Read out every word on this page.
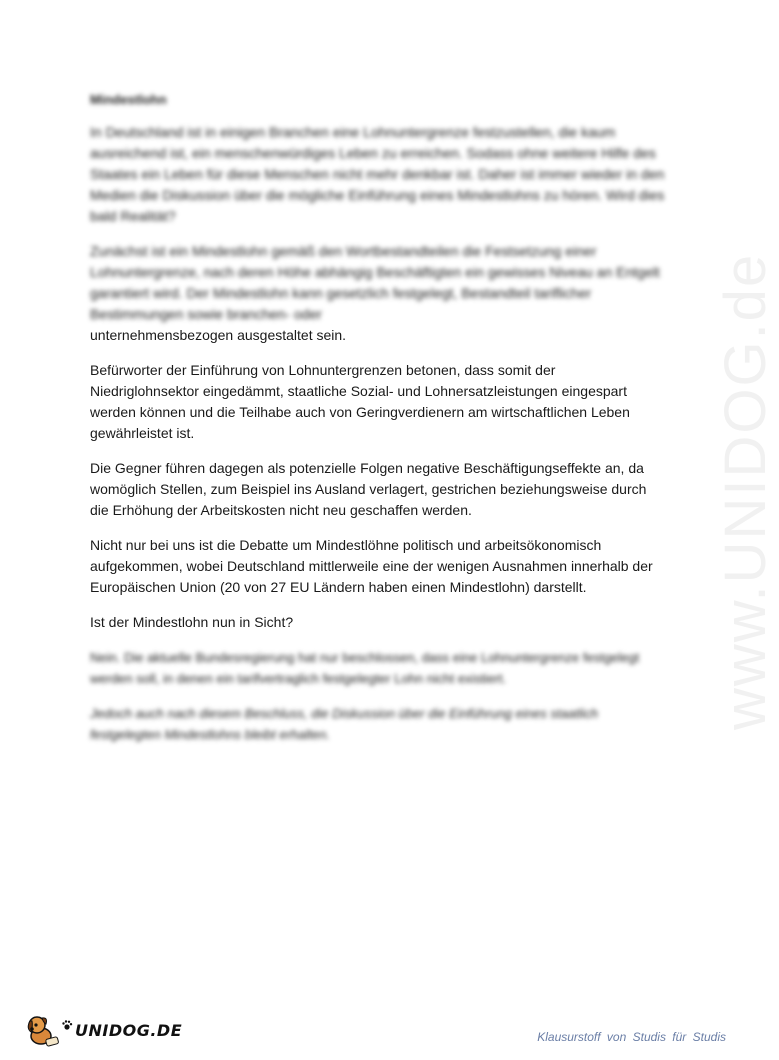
www.UNIDOG.de
Mindestlohn

In Deutschland ist in einigen Branchen eine Lohnuntergrenze festzustellen, die kaum ausreichend ist, ein menschenwürdiges Leben zu erreichen. Sodass ohne weitere Hilfe des Staates ein Leben für diese Menschen nicht mehr denkbar ist. Daher ist immer wieder in den Medien die Diskussion über die mögliche Einführung eines Mindestlohns zu hören. Wird dies bald Realität?

Zunächst ist ein Mindestlohn gemäß den Wortbestandteilen die Festsetzung einer Lohnuntergrenze, nach deren Höhe abhängig Beschäftigten ein gewisses Niveau an Entgelt garantiert wird. Der Mindestlohn kann gesetzlich festgelegt, Bestandteil tariflicher Bestimmungen sowie branchen- oder

unternehmensbezogen ausgestaltet sein.

Befürworter der Einführung von Lohnuntergrenzen betonen, dass somit der Niedriglohnsektor eingedämmt, staatliche Sozial- und Lohnersatzleistungen eingespart werden können und die Teilhabe auch von Geringverdienern am wirtschaftlichen Leben gewährleistet ist.

Die Gegner führen dagegen als potenzielle Folgen negative Beschäftigungseffekte an, da womöglich Stellen, zum Beispiel ins Ausland verlagert, gestrichen beziehungsweise durch die Erhöhung der Arbeitskosten nicht neu geschaffen werden.

Nicht nur bei uns ist die Debatte um Mindestlöhne politisch und arbeitsökonomisch aufgekommen, wobei Deutschland mittlerweile eine der wenigen Ausnahmen innerhalb der Europäischen Union (20 von 27 EU Ländern haben einen Mindestlohn) darstellt.

Ist der Mindestlohn nun in Sicht?

Nein. Die aktuelle Bundesregierung hat nur beschlossen, dass eine Lohnuntergrenze festgelegt werden soll, in denen ein tarifvertraglich festgelegter Lohn nicht existiert.

Jedoch auch nach diesem Beschluss, die Diskussion über die Einführung eines staatlich festgelegten Mindestlohns bleibt erhalten.

UNIDOG.DE	Klausurstoff von Studis für Studis
